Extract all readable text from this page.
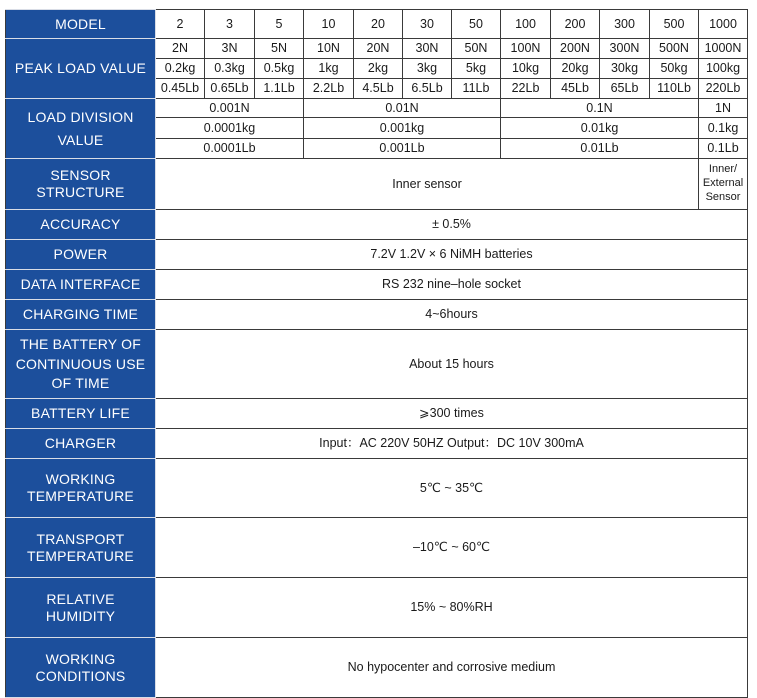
MODEL	2	3	5	10	20	30	50	100	200	300	500	1000
PEAK LOAD VALUE	2N	3N	5N	10N	20N	30N	50N	100N	200N	300N	500N	1000N
	0.2kg	0.3kg	0.5kg	1kg	2kg	3kg	5kg	10kg	20kg	30kg	50kg	100kg
	0.45Lb	0.65Lb	1.1Lb	2.2Lb	4.5Lb	6.5Lb	11Lb	22Lb	45Lb	65Lb	110Lb	220Lb

LOAD DIVISION
VALUE	0.001N			0.01N				0.1N				1N
	0.0001kg			0.001kg				0.01kg				0.1kg
	0.0001Lb			0.001Lb				0.01Lb				0.1Lb
SENSOR STRUCTURE	Inner sensor											Inner/
External
Sensor

ACCURACY	± 0.5%											
POWER	7.2V 1.2V × 6 NiMH batteries											
DATA INTERFACE	RS 232 nine–hole socket											
CHARGING TIME	4~6hours											

THE BATTERY OF
CONTINUOUS USE
OF TIME	About 15 hours											
BATTERY LIFE	⩾300 times											
CHARGER	Input：AC 220V 50HZ Output：DC 10V 300mA											

WORKING
TEMPERATURE	5℃ ~ 35℃											

TRANSPORT
TEMPERATURE	–10℃ ~ 60℃											

RELATIVE
HUMIDITY	15% ~ 80%RH											

WORKING
CONDITIONS	No hypocenter and corrosive medium											
